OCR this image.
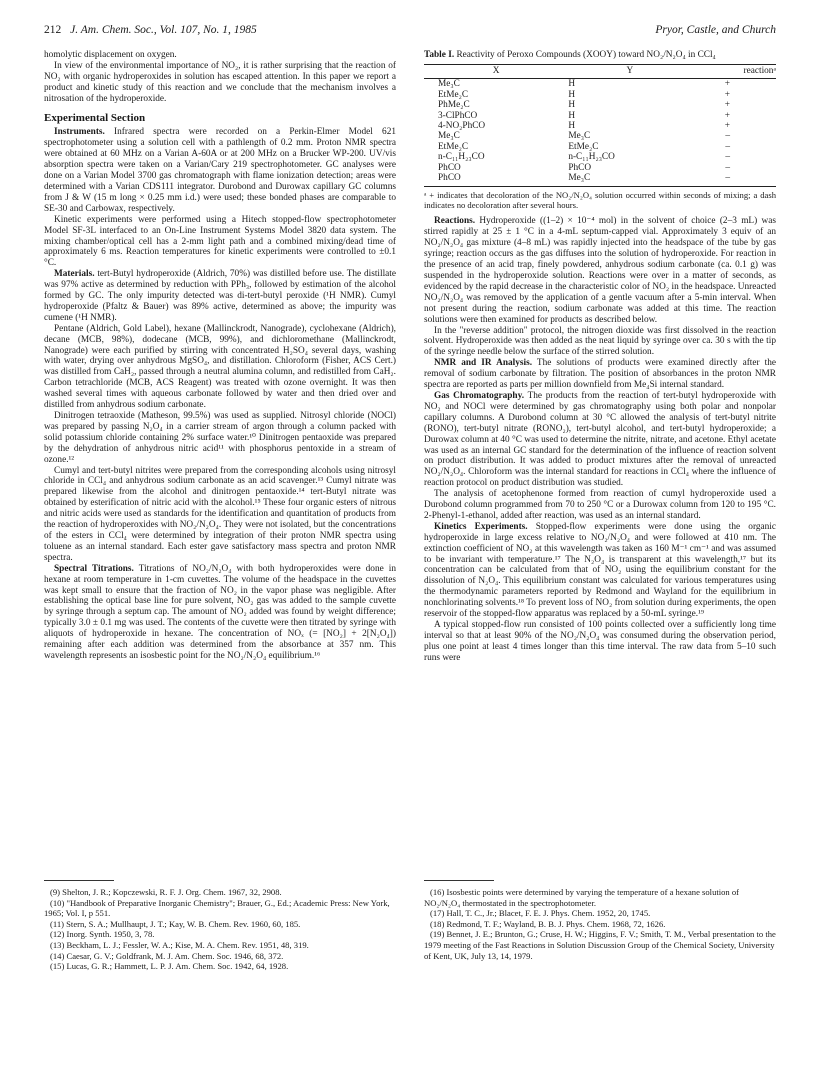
212 J. Am. Chem. Soc., Vol. 107, No. 1, 1985	Pryor, Castle, and Church

homolytic displacement on oxygen.

In view of the environmental importance of NO₂, it is rather surprising that the reaction of NO₂ with organic hydroperoxides in solution has escaped attention. In this paper we report a product and kinetic study of this reaction and we conclude that the mechanism involves a nitrosation of the hydroperoxide.

Experimental Section

Instruments. Infrared spectra were recorded on a Perkin-Elmer Model 621 spectrophotometer using a solution cell with a pathlength of 0.2 mm. Proton NMR spectra were obtained at 60 MHz on a Varian A-60A or at 200 MHz on a Brucker WP-200. UV/vis absorption spectra were taken on a Varian/Cary 219 spectrophotometer. GC analyses were done on a Varian Model 3700 gas chromatograph with flame ionization detection; areas were determined with a Varian CDS111 integrator. Durobond and Durowax capillary GC columns from J & W (15 m long × 0.25 mm i.d.) were used; these bonded phases are comparable to SE-30 and Carbowax, respectively.

Kinetic experiments were performed using a Hitech stopped-flow spectrophotometer Model SF-3L interfaced to an On-Line Instrument Systems Model 3820 data system. The mixing chamber/optical cell has a 2-mm light path and a combined mixing/dead time of approximately 6 ms. Reaction temperatures for kinetic experiments were controlled to ±0.1 °C.

Materials. tert-Butyl hydroperoxide (Aldrich, 70%) was distilled before use. The distillate was 97% active as determined by reduction with PPh₃, followed by estimation of the alcohol formed by GC. The only impurity detected was di-tert-butyl peroxide (¹H NMR). Cumyl hydroperoxide (Pfaltz & Bauer) was 89% active, determined as above; the impurity was cumene (¹H NMR).

Pentane (Aldrich, Gold Label), hexane (Mallinckrodt, Nanograde), cyclohexane (Aldrich), decane (MCB, 98%), dodecane (MCB, 99%), and dichloromethane (Mallinckrodt, Nanograde) were each purified by stirring with concentrated H₂SO₄ several days, washing with water, drying over anhydrous MgSO₄, and distillation. Chloroform (Fisher, ACS Cert.) was distilled from CaH₂, passed through a neutral alumina column, and redistilled from CaH₂. Carbon tetrachloride (MCB, ACS Reagent) was treated with ozone overnight. It was then washed several times with aqueous carbonate followed by water and then dried over and distilled from anhydrous sodium carbonate.

Dinitrogen tetraoxide (Matheson, 99.5%) was used as supplied. Nitrosyl chloride (NOCl) was prepared by passing N₂O₄ in a carrier stream of argon through a column packed with solid potassium chloride containing 2% surface water.¹⁰ Dinitrogen pentaoxide was prepared by the dehydration of anhydrous nitric acid¹¹ with phosphorus pentoxide in a stream of ozone.¹²

Cumyl and tert-butyl nitrites were prepared from the corresponding alcohols using nitrosyl chloride in CCl₄ and anhydrous sodium carbonate as an acid scavenger.¹³ Cumyl nitrate was prepared likewise from the alcohol and dinitrogen pentaoxide.¹⁴ tert-Butyl nitrate was obtained by esterification of nitric acid with the alcohol.¹⁵ These four organic esters of nitrous and nitric acids were used as standards for the identification and quantitation of products from the reaction of hydroperoxides with NO₂/N₂O₄. They were not isolated, but the concentrations of the esters in CCl₄ were determined by integration of their proton NMR spectra using toluene as an internal standard. Each ester gave satisfactory mass spectra and proton NMR spectra.

Spectral Titrations. Titrations of NO₂/N₂O₄ with both hydroperoxides were done in hexane at room temperature in 1-cm cuvettes. The volume of the headspace in the cuvettes was kept small to ensure that the fraction of NO₂ in the vapor phase was negligible. After establishing the optical base line for pure solvent, NO₂ gas was added to the sample cuvette by syringe through a septum cap. The amount of NO₂ added was found by weight difference; typically 3.0 ± 0.1 mg was used. The contents of the cuvette were then titrated by syringe with aliquots of hydroperoxide in hexane. The concentration of NOₓ (= [NO₂] + 2[N₂O₄]) remaining after each addition was determined from the absorbance at 357 nm. This wavelength represents an isosbestic point for the NO₂/N₂O₄ equilibrium.¹⁶

Table I. Reactivity of Peroxo Compounds (XOOY) toward NO₂/N₂O₄ in CCl₄
X	Y	reactionᵃ
Me₃C	H	+
EtMe₂C	H	+
PhMe₂C	H	+
3-ClPhCO	H	+
4-NO₂PhCO	H	+
Me₃C	Me₃C	–
EtMe₂C	EtMe₂C	–
n-C₁₁H₂₃CO	n-C₁₁H₂₃CO	–
PhCO	PhCO	–
PhCO	Me₃C	–
ᵃ + indicates that decoloration of the NO₂/N₂O₄ solution occurred within seconds of mixing; a dash indicates no decoloration after several hours.

Reactions. Hydroperoxide ((1–2) × 10⁻⁴ mol) in the solvent of choice (2–3 mL) was stirred rapidly at 25 ± 1 °C in a 4-mL septum-capped vial. Approximately 3 equiv of an NO₂/N₂O₄ gas mixture (4–8 mL) was rapidly injected into the headspace of the tube by gas syringe; reaction occurs as the gas diffuses into the solution of hydroperoxide. For reaction in the presence of an acid trap, finely powdered, anhydrous sodium carbonate (ca. 0.1 g) was suspended in the hydroperoxide solution. Reactions were over in a matter of seconds, as evidenced by the rapid decrease in the characteristic color of NO₂ in the headspace. Unreacted NO₂/N₂O₄ was removed by the application of a gentle vacuum after a 5-min interval. When not present during the reaction, sodium carbonate was added at this time. The reaction solutions were then examined for products as described below.

In the "reverse addition" protocol, the nitrogen dioxide was first dissolved in the reaction solvent. Hydroperoxide was then added as the neat liquid by syringe over ca. 30 s with the tip of the syringe needle below the surface of the stirred solution.

NMR and IR Analysis. The solutions of products were examined directly after the removal of sodium carbonate by filtration. The position of absorbances in the proton NMR spectra are reported as parts per million downfield from Me₄Si internal standard.

Gas Chromatography. The products from the reaction of tert-butyl hydroperoxide with NO₂ and NOCl were determined by gas chromatography using both polar and nonpolar capillary columns. A Durobond column at 30 °C allowed the analysis of tert-butyl nitrite (RONO), tert-butyl nitrate (RONO₂), tert-butyl alcohol, and tert-butyl hydroperoxide; a Durowax column at 40 °C was used to determine the nitrite, nitrate, and acetone. Ethyl acetate was used as an internal GC standard for the determination of the influence of reaction solvent on product distribution. It was added to product mixtures after the removal of unreacted NO₂/N₂O₄. Chloroform was the internal standard for reactions in CCl₄ where the influence of reaction protocol on product distribution was studied.

The analysis of acetophenone formed from reaction of cumyl hydroperoxide used a Durobond column programmed from 70 to 250 °C or a Durowax column from 120 to 195 °C. 2-Phenyl-1-ethanol, added after reaction, was used as an internal standard.

Kinetics Experiments. Stopped-flow experiments were done using the organic hydroperoxide in large excess relative to NO₂/N₂O₄ and were followed at 410 nm. The extinction coefficient of NO₂ at this wavelength was taken as 160 M⁻¹ cm⁻¹ and was assumed to be invariant with temperature.¹⁷ The N₂O₄ is transparent at this wavelength,¹⁷ but its concentration can be calculated from that of NO₂ using the equilibrium constant for the dissolution of N₂O₄. This equilibrium constant was calculated for various temperatures using the thermodynamic parameters reported by Redmond and Wayland for the equilibrium in nonchlorinating solvents.¹⁸ To prevent loss of NO₂ from solution during experiments, the open reservoir of the stopped-flow apparatus was replaced by a 50-mL syringe.¹⁹

A typical stopped-flow run consisted of 100 points collected over a sufficiently long time interval so that at least 90% of the NO₂/N₂O₄ was consumed during the observation period, plus one point at least 4 times longer than this time interval. The raw data from 5–10 such runs were

(9) Shelton, J. R.; Kopczewski, R. F. J. Org. Chem. 1967, 32, 2908.
(10) "Handbook of Preparative Inorganic Chemistry"; Brauer, G., Ed.; Academic Press: New York, 1965; Vol. I, p 551.
(11) Stern, S. A.; Mullhaupt, J. T.; Kay, W. B. Chem. Rev. 1960, 60, 185.
(12) Inorg. Synth. 1950, 3, 78.
(13) Beckham, L. J.; Fessler, W. A.; Kise, M. A. Chem. Rev. 1951, 48, 319.
(14) Caesar, G. V.; Goldfrank, M. J. Am. Chem. Soc. 1946, 68, 372.
(15) Lucas, G. R.; Hammett, L. P. J. Am. Chem. Soc. 1942, 64, 1928.
(16) Isosbestic points were determined by varying the temperature of a hexane solution of NO₂/N₂O₄ thermostated in the spectrophotometer.
(17) Hall, T. C., Jr.; Blacet, F. E. J. Phys. Chem. 1952, 20, 1745.
(18) Redmond, T. F.; Wayland, B. B. J. Phys. Chem. 1968, 72, 1626.
(19) Bennet, J. E.; Brunton, G.; Cruse, H. W.; Higgins, F. V.; Smith, T. M., Verbal presentation to the 1979 meeting of the Fast Reactions in Solution Discussion Group of the Chemical Society, University of Kent, UK, July 13, 14, 1979.
